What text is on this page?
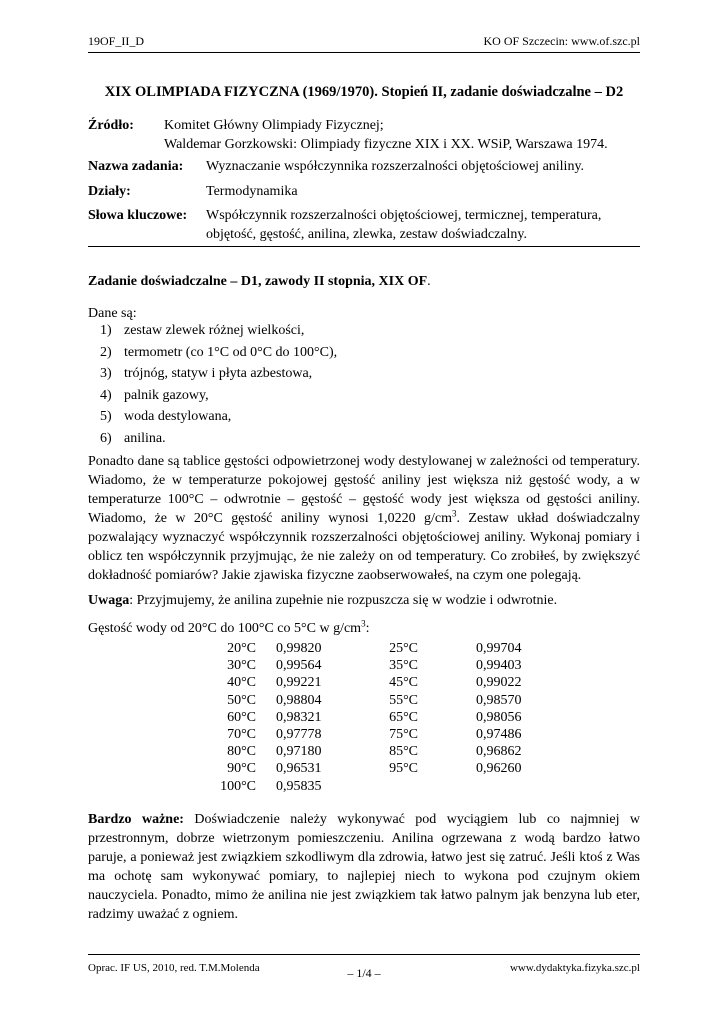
19OF_II_D	KO OF Szczecin: www.of.szc.pl
XIX OLIMPIADA FIZYCZNA (1969/1970). Stopień II, zadanie doświadczalne – D2
Źródło: Komitet Główny Olimpiady Fizycznej;
Waldemar Gorzkowski: Olimpiady fizyczne XIX i XX. WSiP, Warszawa 1974.
Nazwa zadania: Wyznaczanie współczynnika rozszerzalności objętościowej aniliny.
Działy:	Termodynamika
Słowa kluczowe: Współczynnik rozszerzalności objętościowej, termicznej, temperatura,
objętość, gęstość, anilina, zlewka, zestaw doświadczalny.
Zadanie doświadczalne – D1, zawody II stopnia, XIX OF.
Dane są:
1) zestaw zlewek różnej wielkości,
2) termometr (co 1°C od 0°C do 100°C),
3) trójnóg, statyw i płyta azbestowa,
4) palnik gazowy,
5) woda destylowana,
6) anilina.
Ponadto dane są tablice gęstości odpowietrzonej wody destylowanej w zależności od temperatury. Wiadomo, że w temperaturze pokojowej gęstość aniliny jest większa niż gęstość wody, a w temperaturze 100°C – odwrotnie – gęstość – gęstość wody jest większa od gęstości aniliny. Wiadomo, że w 20°C gęstość aniliny wynosi 1,0220 $g/cm^3$. Zestaw układ doświadczalny pozwalający wyznaczyć współczynnik rozszerzalności objętościowej aniliny. Wykonaj pomiary i oblicz ten współczynnik przyjmując, że nie zależy on od temperatury. Co zrobiłeś, by zwiększyć dokładność pomiarów? Jakie zjawiska fizyczne zaobserwowałeś, na czym one polegają.
Uwaga: Przyjmujemy, że anilina zupełnie nie rozpuszcza się w wodzie i odwrotnie.
Gęstość wody od 20°C do 100°C co 5°C w $g/cm^3$:
20°C 0,99820	25°C	0,99704
30°C 0,99564	35°C	0,99403
40°C 0,99221	45°C	0,99022
50°C 0,98804	55°C	0,98570
60°C 0,98321	65°C	0,98056
70°C 0,97778	75°C	0,97486
80°C 0,97180	85°C	0,96862
90°C 0,96531	95°C	0,96260
100°C 0,95835
Bardzo ważne: Doświadczenie należy wykonywać pod wyciągiem lub co najmniej w przestronnym, dobrze wietrzonym pomieszczeniu. Anilina ogrzewana z wodą bardzo łatwo paruje, a ponieważ jest związkiem szkodliwym dla zdrowia, łatwo jest się zatruć. Jeśli ktoś z Was ma ochotę sam wykonywać pomiary, to najlepiej niech to wykona pod czujnym okiem nauczyciela. Ponadto, mimo że anilina nie jest związkiem tak łatwo palnym jak benzyna lub eter, radzimy uważać z ogniem.
Oprac. IF US, 2010, red. T.M.Molenda	– 1/4 –	www.dydaktyka.fizyka.szc.pl
